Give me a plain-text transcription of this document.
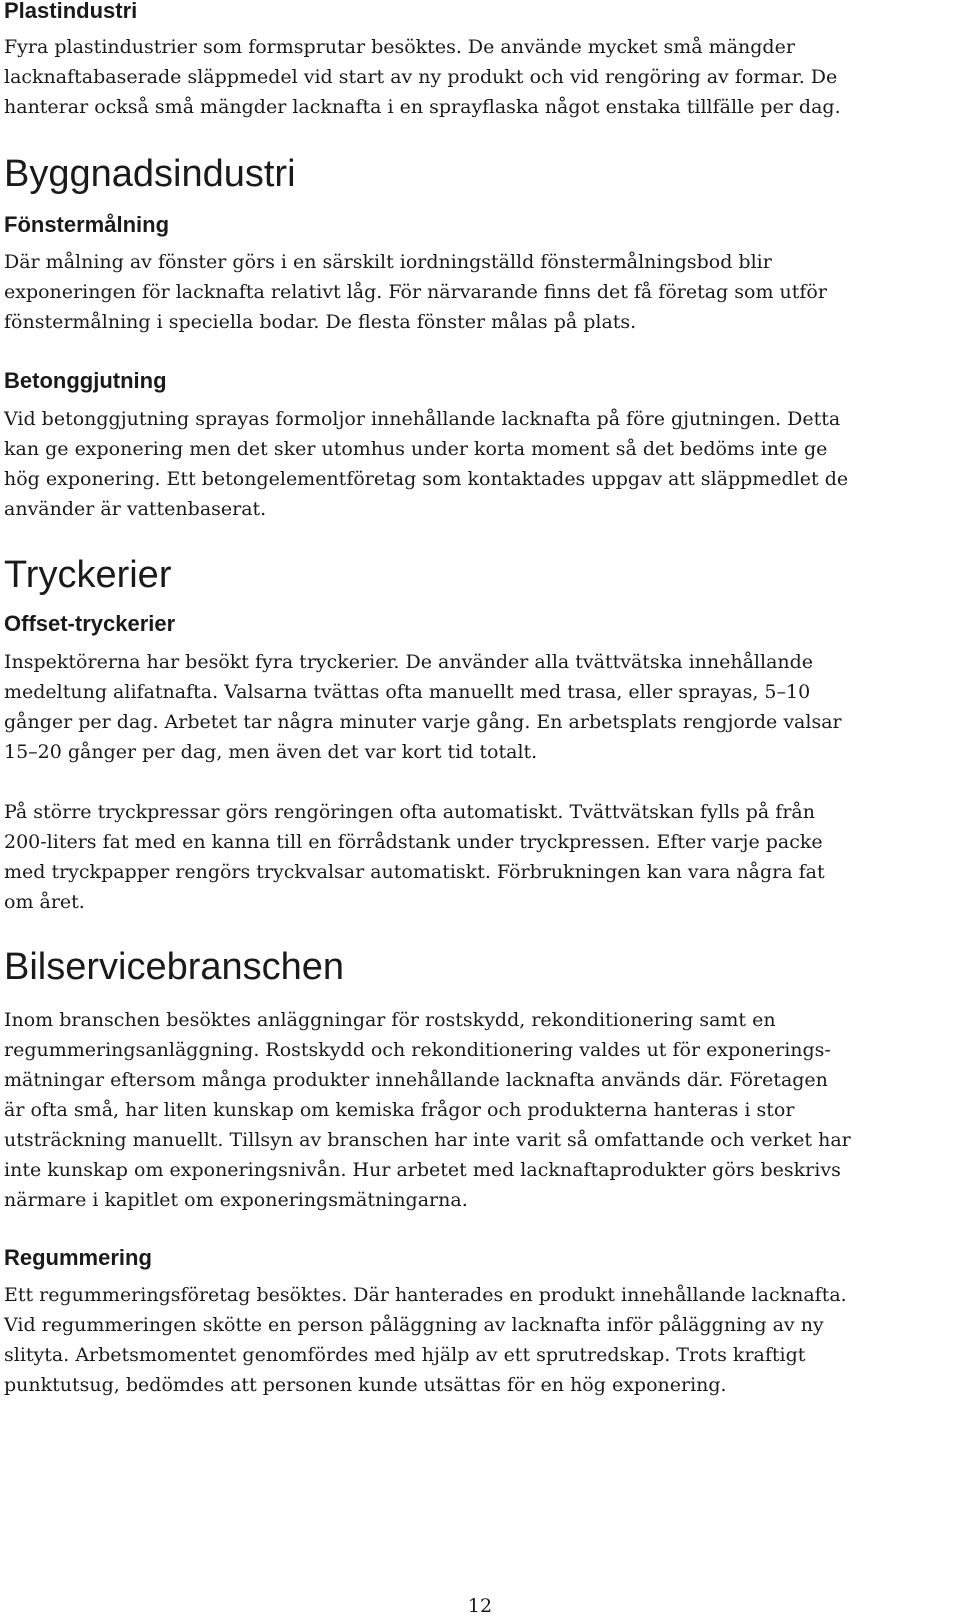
Plastindustri

Fyra plastindustrier som formsprutar besöktes. De använde mycket små mängder
lacknaftabaserade släppmedel vid start av ny produkt och vid rengöring av formar. De
hanterar också små mängder lacknafta i en sprayflaska något enstaka tillfälle per dag.

Byggnadsindustri
Fönstermålning

Där målning av fönster görs i en särskilt iordningställd fönstermålningsbod blir
exponeringen för lacknafta relativt låg. För närvarande finns det få företag som utför
fönstermålning i speciella bodar. De flesta fönster målas på plats.

Betonggjutning

Vid betonggjutning sprayas formoljor innehållande lacknafta på före gjutningen. Detta
kan ge exponering men det sker utomhus under korta moment så det bedöms inte ge
hög exponering. Ett betongelementföretag som kontaktades uppgav att släppmedlet de
använder är vattenbaserat.

Tryckerier
Offset-tryckerier

Inspektörerna har besökt fyra tryckerier. De använder alla tvättvätska innehållande
medeltung alifatnafta. Valsarna tvättas ofta manuellt med trasa, eller sprayas, 5–10
gånger per dag. Arbetet tar några minuter varje gång. En arbetsplats rengjorde valsar
15–20 gånger per dag, men även det var kort tid totalt.

På större tryckpressar görs rengöringen ofta automatiskt. Tvättvätskan fylls på från
200-liters fat med en kanna till en förrådstank under tryckpressen. Efter varje packe
med tryckpapper rengörs tryckvalsar automatiskt. Förbrukningen kan vara några fat
om året.

Bilservicebranschen

Inom branschen besöktes anläggningar för rostskydd, rekonditionering samt en
regummeringsanläggning. Rostskydd och rekonditionering valdes ut för exponerings-
mätningar eftersom många produkter innehållande lacknafta används där. Företagen
är ofta små, har liten kunskap om kemiska frågor och produkterna hanteras i stor
utsträckning manuellt. Tillsyn av branschen har inte varit så omfattande och verket har
inte kunskap om exponeringsnivån. Hur arbetet med lacknaftaprodukter görs beskrivs
närmare i kapitlet om exponeringsmätningarna.

Regummering

Ett regummeringsföretag besöktes. Där hanterades en produkt innehållande lacknafta.
Vid regummeringen skötte en person påläggning av lacknafta inför påläggning av ny
slityta. Arbetsmomentet genomfördes med hjälp av ett sprutredskap. Trots kraftigt
punktutsug, bedömdes att personen kunde utsättas för en hög exponering.

12
